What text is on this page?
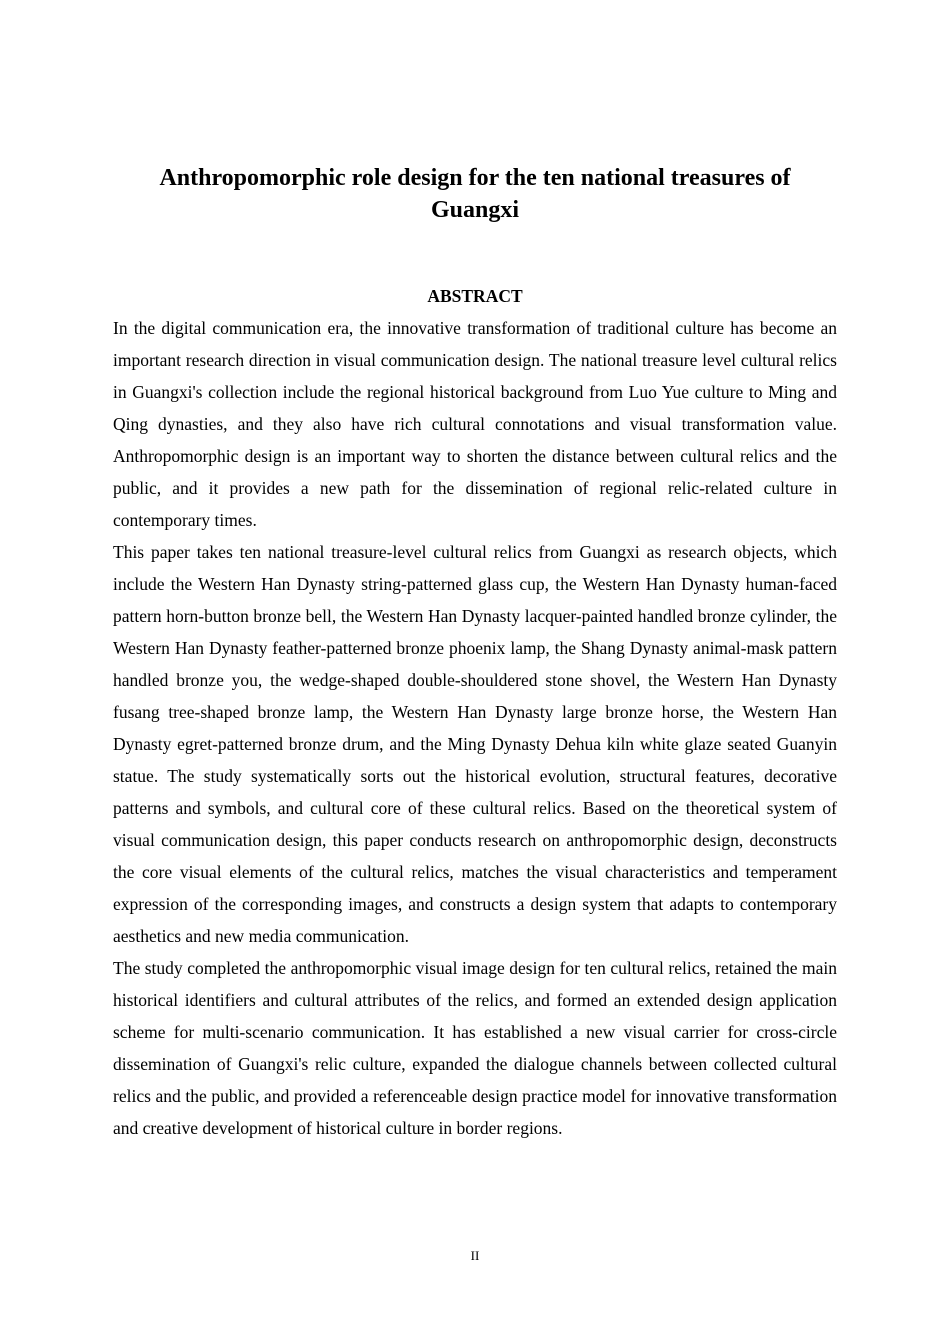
Anthropomorphic role design for the ten national treasures of Guangxi
ABSTRACT

In the digital communication era, the innovative transformation of traditional culture has become an important research direction in visual communication design. The national treasure level cultural relics in Guangxi's collection include the regional historical background from Luo Yue culture to Ming and Qing dynasties, and they also have rich cultural connotations and visual transformation value. Anthropomorphic design is an important way to shorten the distance between cultural relics and the public, and it provides a new path for the dissemination of regional relic-related culture in contemporary times.

This paper takes ten national treasure-level cultural relics from Guangxi as research objects, which include the Western Han Dynasty string-patterned glass cup, the Western Han Dynasty human-faced pattern horn-button bronze bell, the Western Han Dynasty lacquer-painted handled bronze cylinder, the Western Han Dynasty feather-patterned bronze phoenix lamp, the Shang Dynasty animal-mask pattern handled bronze you, the wedge-shaped double-shouldered stone shovel, the Western Han Dynasty fusang tree-shaped bronze lamp, the Western Han Dynasty large bronze horse, the Western Han Dynasty egret-patterned bronze drum, and the Ming Dynasty Dehua kiln white glaze seated Guanyin statue. The study systematically sorts out the historical evolution, structural features, decorative patterns and symbols, and cultural core of these cultural relics. Based on the theoretical system of visual communication design, this paper conducts research on anthropomorphic design, deconstructs the core visual elements of the cultural relics, matches the visual characteristics and temperament expression of the corresponding images, and constructs a design system that adapts to contemporary aesthetics and new media communication.

The study completed the anthropomorphic visual image design for ten cultural relics, retained the main historical identifiers and cultural attributes of the relics, and formed an extended design application scheme for multi-scenario communication. It has established a new visual carrier for cross-circle dissemination of Guangxi's relic culture, expanded the dialogue channels between collected cultural relics and the public, and provided a referenceable design practice model for innovative transformation and creative development of historical culture in border regions.

II
